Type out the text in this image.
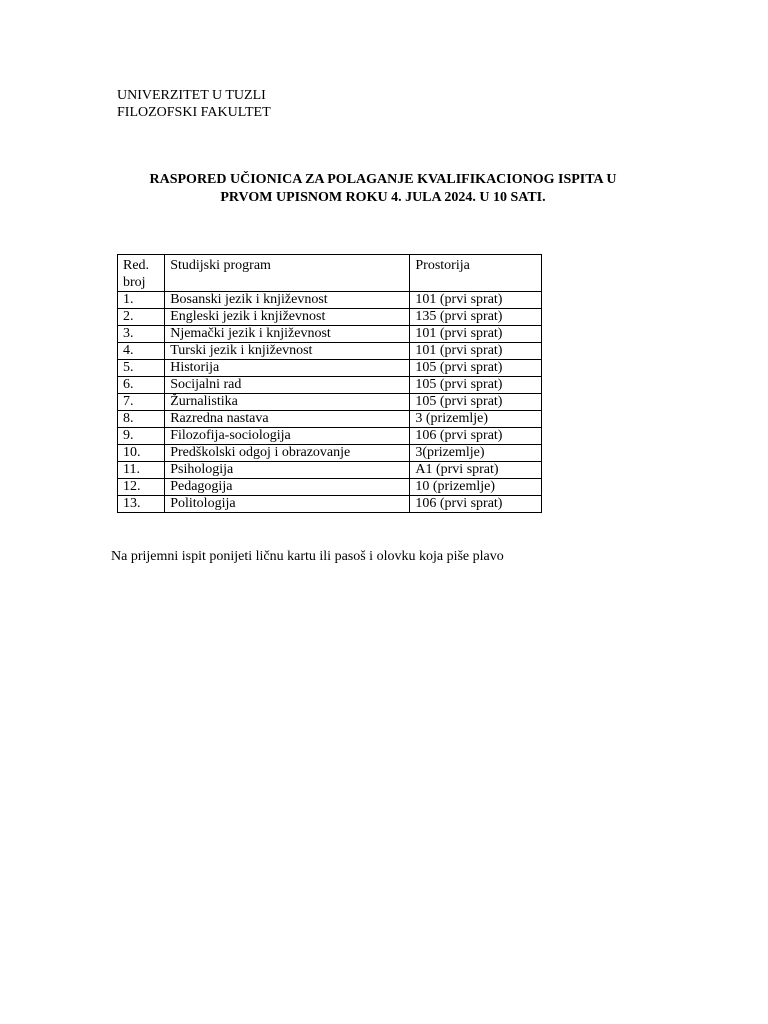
UNIVERZITET U TUZLI
FILOZOFSKI FAKULTET
RASPORED UČIONICA ZA POLAGANJE KVALIFIKACIONOG ISPITA U
PRVOM UPISNOM ROKU 4. JULA 2024. U 10 SATI.
Red.
broj	Studijski program	Prostorija
1.	Bosanski jezik i književnost	101 (prvi sprat)
2.	Engleski jezik i književnost	135 (prvi sprat)
3.	Njemački jezik i književnost	101 (prvi sprat)
4.	Turski jezik i književnost	101 (prvi sprat)
5.	Historija	105 (prvi sprat)
6.	Socijalni rad	105 (prvi sprat)
7.	Žurnalistika	105 (prvi sprat)
8.	Razredna nastava	3 (prizemlje)
9.	Filozofija-sociologija	106 (prvi sprat)
10.	Predškolski odgoj i obrazovanje	3(prizemlje)
11.	Psihologija	A1 (prvi sprat)
12.	Pedagogija	10 (prizemlje)
13.	Politologija	106 (prvi sprat)
Na prijemni ispit ponijeti ličnu kartu ili pasoš i olovku koja piše plavo
